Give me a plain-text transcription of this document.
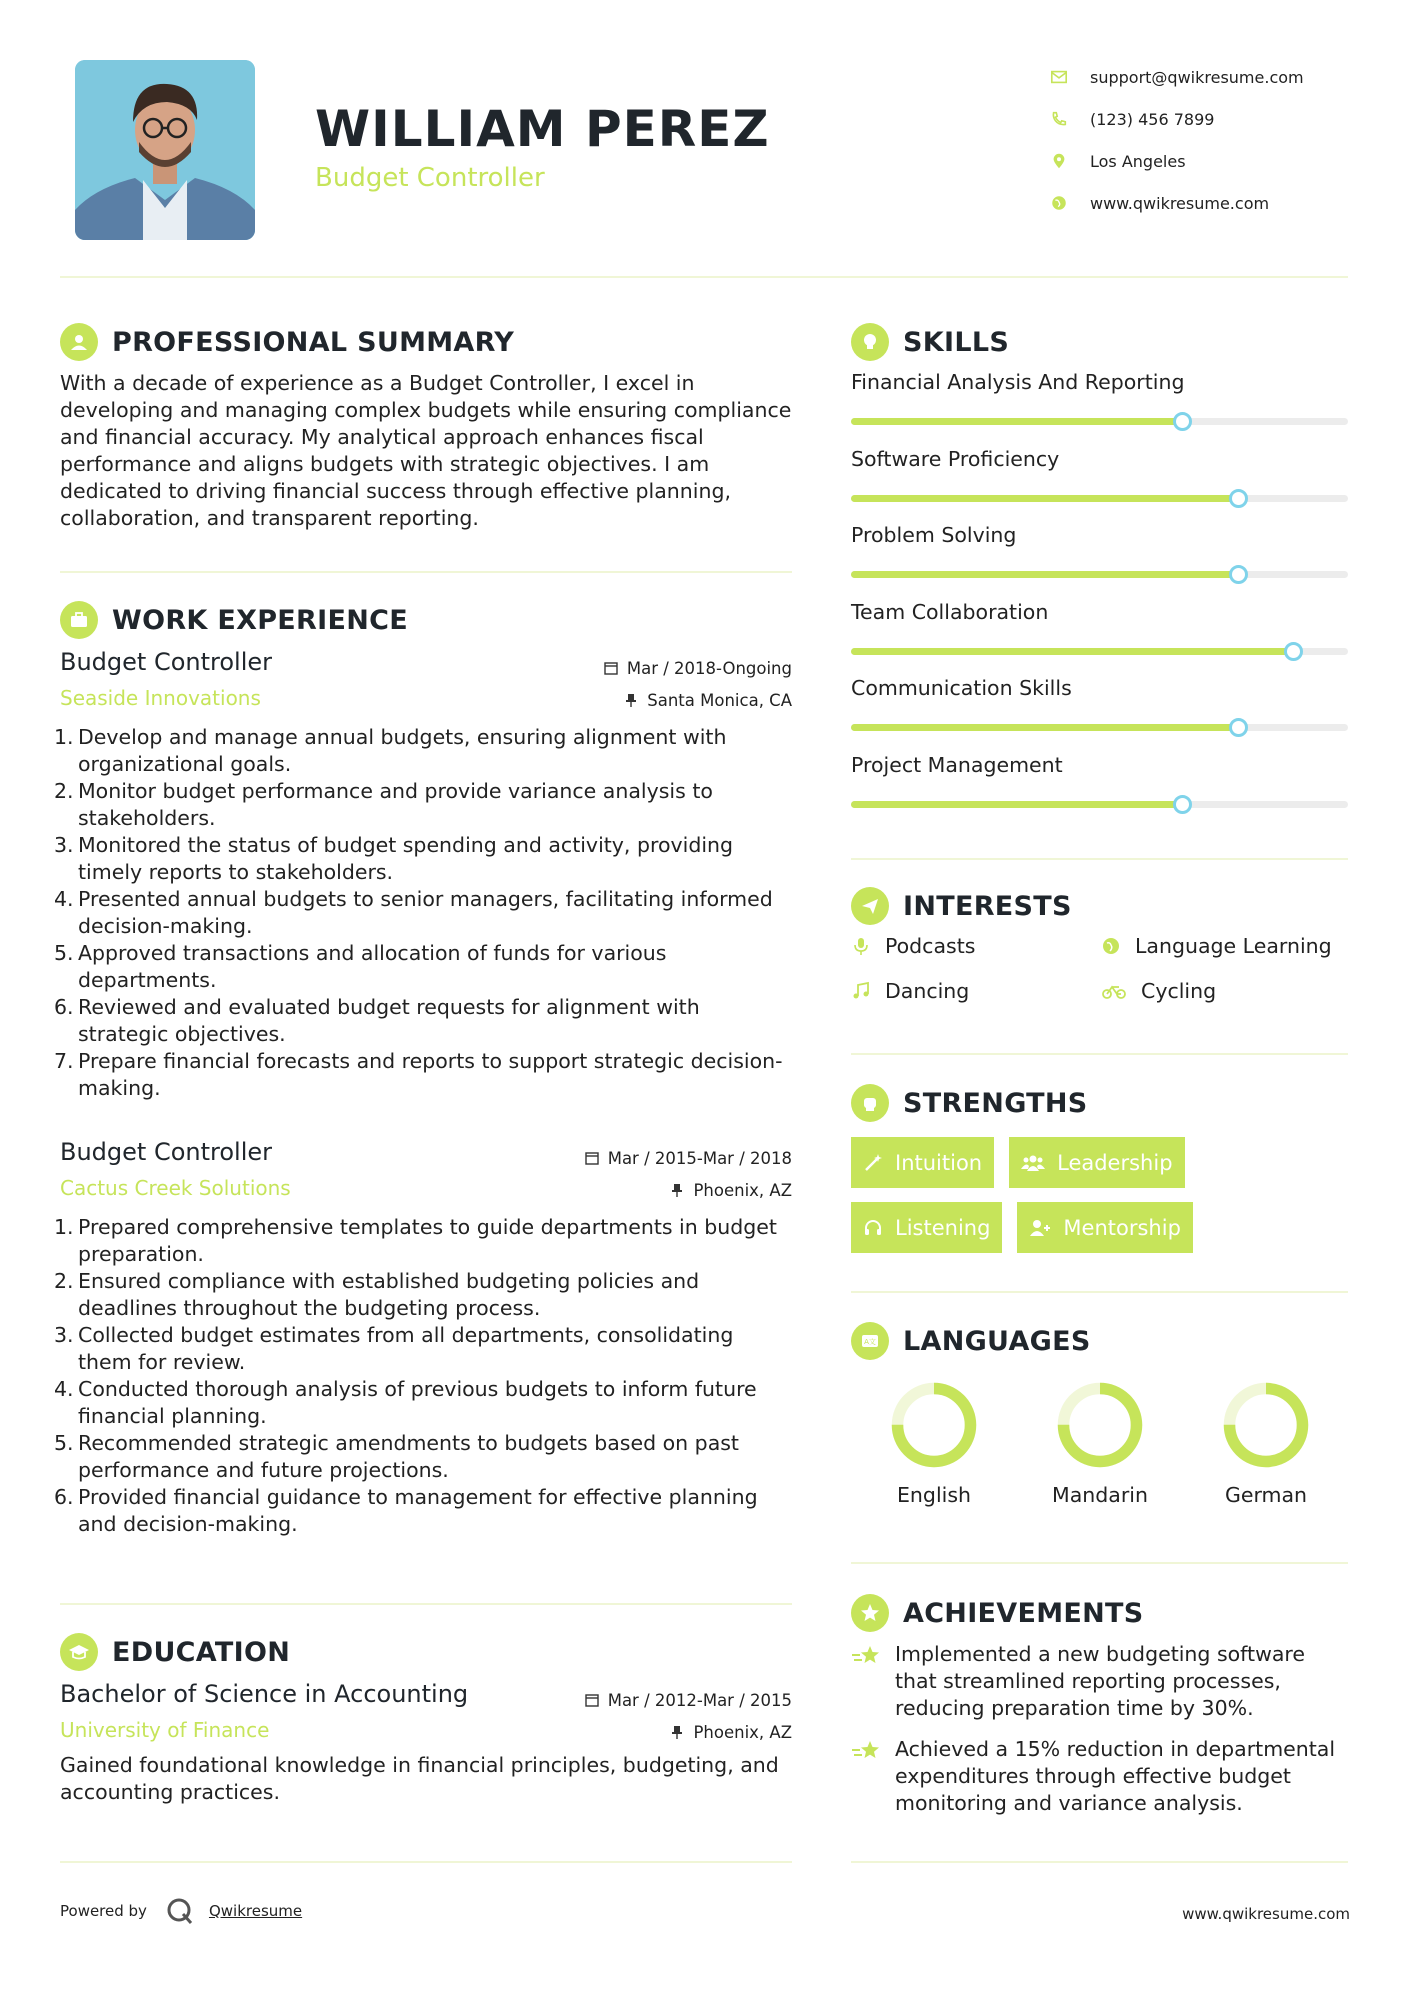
WILLIAM PEREZ
Budget Controller
support@qwikresume.com
(123) 456 7899
Los Angeles
www.qwikresume.com
PROFESSIONAL SUMMARY
With a decade of experience as a Budget Controller, I excel in developing and managing complex budgets while ensuring compliance and financial accuracy. My analytical approach enhances fiscal performance and aligns budgets with strategic objectives. I am dedicated to driving financial success through effective planning, collaboration, and transparent reporting.
WORK EXPERIENCE
Budget Controller
Seaside Innovations
Mar / 2018-Ongoing
Santa Monica, CA
1. Develop and manage annual budgets, ensuring alignment with organizational goals.
2. Monitor budget performance and provide variance analysis to stakeholders.
3. Monitored the status of budget spending and activity, providing timely reports to stakeholders.
4. Presented annual budgets to senior managers, facilitating informed decision-making.
5. Approved transactions and allocation of funds for various departments.
6. Reviewed and evaluated budget requests for alignment with strategic objectives.
7. Prepare financial forecasts and reports to support strategic decision-making.
Budget Controller
Cactus Creek Solutions
Mar / 2015-Mar / 2018
Phoenix, AZ
1. Prepared comprehensive templates to guide departments in budget preparation.
2. Ensured compliance with established budgeting policies and deadlines throughout the budgeting process.
3. Collected budget estimates from all departments, consolidating them for review.
4. Conducted thorough analysis of previous budgets to inform future financial planning.
5. Recommended strategic amendments to budgets based on past performance and future projections.
6. Provided financial guidance to management for effective planning and decision-making.
EDUCATION
Bachelor of Science in Accounting
University of Finance
Mar / 2012-Mar / 2015
Phoenix, AZ
Gained foundational knowledge in financial principles, budgeting, and accounting practices.
SKILLS
Financial Analysis And Reporting
Software Proficiency
Problem Solving
Team Collaboration
Communication Skills
Project Management
INTERESTS
Podcasts	Language Learning
Dancing	Cycling
STRENGTHS
Intuition	Leadership
Listening	Mentorship
A文 LANGUAGES
English	Mandarin	German
ACHIEVEMENTS
Implemented a new budgeting software that streamlined reporting processes, reducing preparation time by 30%.
Achieved a 15% reduction in departmental expenditures through effective budget monitoring and variance analysis.
Powered by	Qwikresume	www.qwikresume.com
